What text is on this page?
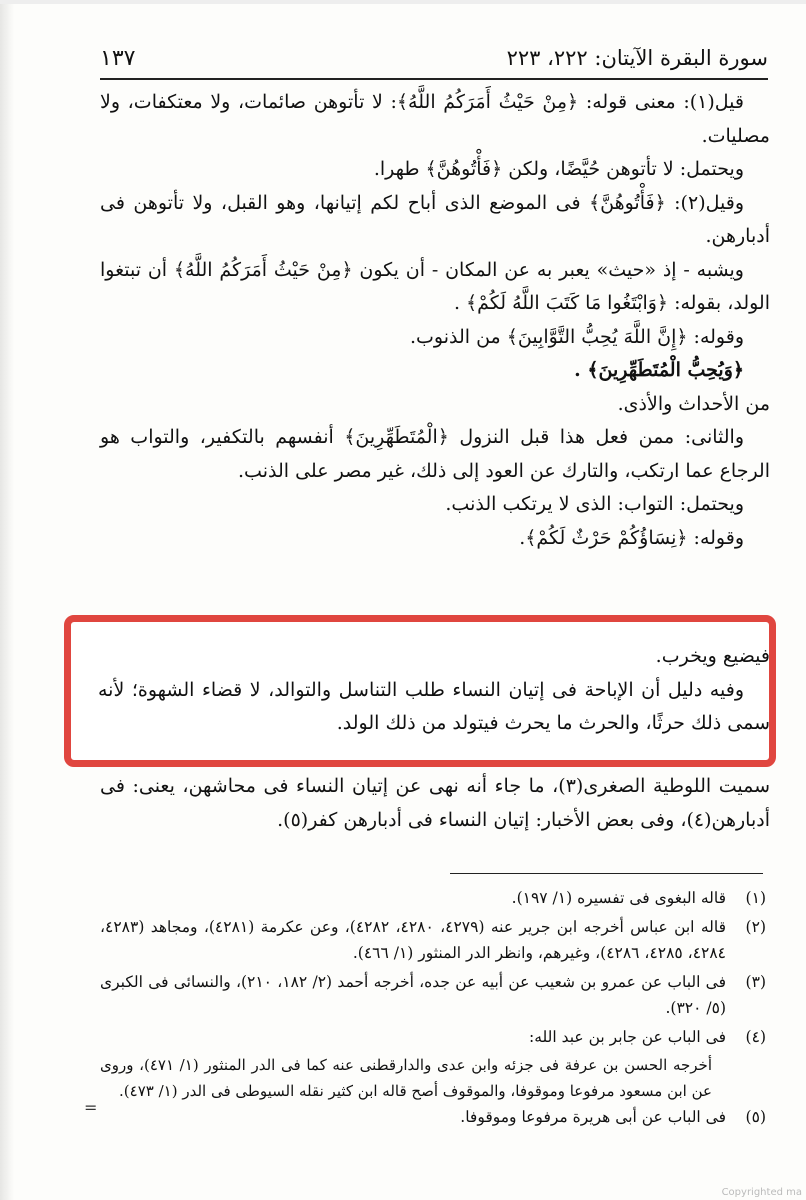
سورة البقرة الآيتان: ٢٢٢، ٢٢٣
١٣٧

قيل(١): معنى قوله: ﴿مِنْ حَيْثُ أَمَرَكُمُ اللَّهُ﴾: لا تأتوهن صائمات، ولا معتكفات، ولا مصليات.

ويحتمل: لا تأتوهن حُيَّضًا، ولكن ﴿فَأْتُوهُنَّ﴾ طهرا.

وقيل(٢): ﴿فَأْتُوهُنَّ﴾ فى الموضع الذى أباح لكم إتيانها، وهو القبل، ولا تأتوهن فى أدبارهن.

ويشبه - إذ «حيث» يعبر به عن المكان - أن يكون ﴿مِنْ حَيْثُ أَمَرَكُمُ اللَّهُ﴾ أن تبتغوا الولد، بقوله: ﴿وَابْتَغُوا مَا كَتَبَ اللَّهُ لَكُمْ﴾ .

وقوله: ﴿إِنَّ اللَّهَ يُحِبُّ التَّوَّابِينَ﴾ من الذنوب.

﴿وَيُحِبُّ الْمُتَطَهِّرِينَ﴾ .

من الأحداث والأذى.

والثانى: ممن فعل هذا قبل النزول ﴿الْمُتَطَهِّرِينَ﴾ أنفسهم بالتكفير، والتواب هو الرجاع عما ارتكب، والتارك عن العود إلى ذلك، غير مصر على الذنب.

ويحتمل: التواب: الذى لا يرتكب الذنب.

وقوله: ﴿نِسَاؤُكُمْ حَرْثٌ لَكُمْ﴾.

فيضيع ويخرب.

وفيه دليل أن الإباحة فى إتيان النساء طلب التناسل والتوالد، لا قضاء الشهوة؛ لأنه سمى ذلك حرثًا، والحرث ما يحرث فيتولد من ذلك الولد.

سميت اللوطية الصغرى(٣)، ما جاء أنه نهى عن إتيان النساء فى محاشهن، يعنى: فى أدبارهن(٤)، وفى بعض الأخبار: إتيان النساء فى أدبارهن كفر(٥).

(١)
قاله البغوى فى تفسيره (١/ ١٩٧).
(٢)
قاله ابن عباس أخرجه ابن جرير عنه (٤٢٧٩، ٤٢٨٠، ٤٢٨٢)، وعن عكرمة (٤٢٨١)، ومجاهد (٤٢٨٣، ٤٢٨٤، ٤٢٨٥، ٤٢٨٦)، وغيرهم، وانظر الدر المنثور (١/ ٤٦٦).
(٣)
فى الباب عن عمرو بن شعيب عن أبيه عن جده، أخرجه أحمد (٢/ ١٨٢، ٢١٠)، والنسائى فى الكبرى (٥/ ٣٢٠).
(٤)
فى الباب عن جابر بن عبد الله:
أخرجه الحسن بن عرفة فى جزئه وابن عدى والدارقطنى عنه كما فى الدر المنثور (١/ ٤٧١)، وروى عن ابن مسعود مرفوعا وموقوفا، والموقوف أصح قاله ابن كثير نقله السيوطى فى الدر (١/ ٤٧٣).
(٥)
فى الباب عن أبى هريرة مرفوعا وموقوفا.
=
Copyrighted ma
